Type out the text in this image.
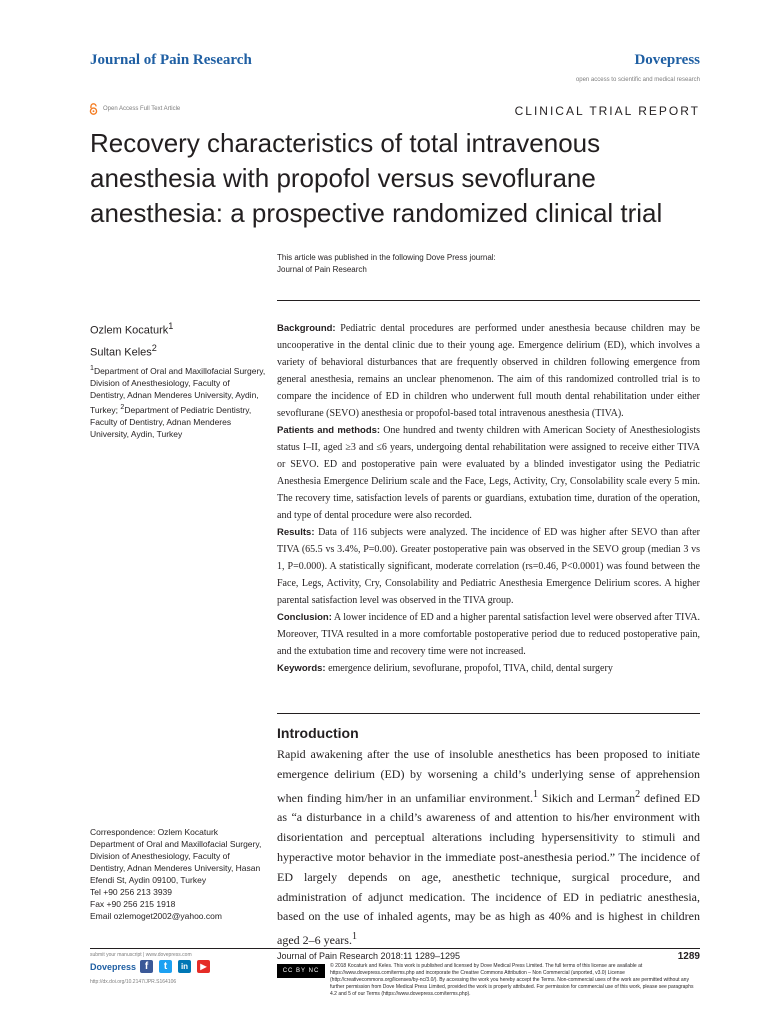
Journal of Pain Research	Dovepress
open access to scientific and medical research
Open Access Full Text Article	CLINICAL TRIAL REPORT
Recovery characteristics of total intravenous
anesthesia with propofol versus sevoflurane
anesthesia: a prospective randomized clinical trial
This article was published in the following Dove Press journal:
Journal of Pain Research
Ozlem Kocaturk$^1$
Sultan Keles$^2$
$^1$Department of Oral and Maxillofacial Surgery, Division of Anesthesiology, Faculty of Dentistry, Adnan Menderes University, Aydin, Turkey; $^2$Department of Pediatric Dentistry, Faculty of Dentistry, Adnan Menderes University, Aydin, Turkey

Background: Pediatric dental procedures are performed under anesthesia because children may be uncooperative in the dental clinic due to their young age. Emergence delirium (ED), which involves a variety of behavioral disturbances that are frequently observed in children following emergence from general anesthesia, remains an unclear phenomenon. The aim of this randomized controlled trial is to compare the incidence of ED in children who underwent full mouth dental rehabilitation under either sevoflurane (SEVO) anesthesia or propofol-based total intravenous anesthesia (TIVA).

Patients and methods: One hundred and twenty children with American Society of Anesthesiologists status I–II, aged ≥3 and ≤6 years, undergoing dental rehabilitation were assigned to receive either TIVA or SEVO. ED and postoperative pain were evaluated by a blinded investigator using the Pediatric Anesthesia Emergence Delirium scale and the Face, Legs, Activity, Cry, Consolability scale every 5 min. The recovery time, satisfaction levels of parents or guardians, extubation time, duration of the operation, and type of dental procedure were also recorded.

Results: Data of 116 subjects were analyzed. The incidence of ED was higher after SEVO than after TIVA (65.5 vs 3.4%, P=0.00). Greater postoperative pain was observed in the SEVO group (median 3 vs 1, P=0.000). A statistically significant, moderate correlation (rs=0.46, P<0.0001) was found between the Face, Legs, Activity, Cry, Consolability and Pediatric Anesthesia Emergence Delirium scores. A higher parental satisfaction level was observed in the TIVA group.

Conclusion: A lower incidence of ED and a higher parental satisfaction level were observed after TIVA. Moreover, TIVA resulted in a more comfortable postoperative period due to reduced postoperative pain, and the extubation time and recovery time were not increased.

Keywords: emergence delirium, sevoflurane, propofol, TIVA, child, dental surgery

Introduction
Rapid awakening after the use of insoluble anesthetics has been proposed to initiate emergence delirium (ED) by worsening a child’s underlying sense of apprehension when finding him/her in an unfamiliar environment.$^1$ Sikich and Lerman$^2$ defined ED as “a disturbance in a child’s awareness of and attention to his/her environment with disorientation and perceptual alterations including hypersensitivity to stimuli and hyperactive motor behavior in the immediate post-anesthesia period.” The incidence of ED largely depends on age, anesthetic technique, surgical procedure, and administration of adjunct medication. The incidence of ED in pediatric anesthesia, based on the use of inhaled agents, may be as high as 40% and is highest in children aged 2–6 years.$^1$
Correspondence: Ozlem Kocaturk
Department of Oral and Maxillofacial Surgery, Division of Anesthesiology, Faculty of Dentistry, Adnan Menderes University, Hasan Efendi St, Aydin 09100, Turkey
Tel +90 256 213 3939
Fax +90 256 215 1918
Email ozlemoget2002@yahoo.com
submit your manuscript | www.dovepress.com
Dovepress f	t	in	▶
http://dx.doi.org/10.2147/JPR.S164106
Journal of Pain Research 2018:11 1289–1295	1289
CC BY NC
© 2018 Kocaturk and Keles. This work is published and licensed by Dove Medical Press Limited. The full terms of this license are available at https://www.dovepress.com/terms.php and incorporate the Creative Commons Attribution – Non Commercial (unported, v3.0) License (http://creativecommons.org/licenses/by-nc/3.0/). By accessing the work you hereby accept the Terms. Non-commercial uses of the work are permitted without any further permission from Dove Medical Press Limited, provided the work is properly attributed. For permission for commercial use of this work, please see paragraphs 4.2 and 5 of our Terms (https://www.dovepress.com/terms.php).
